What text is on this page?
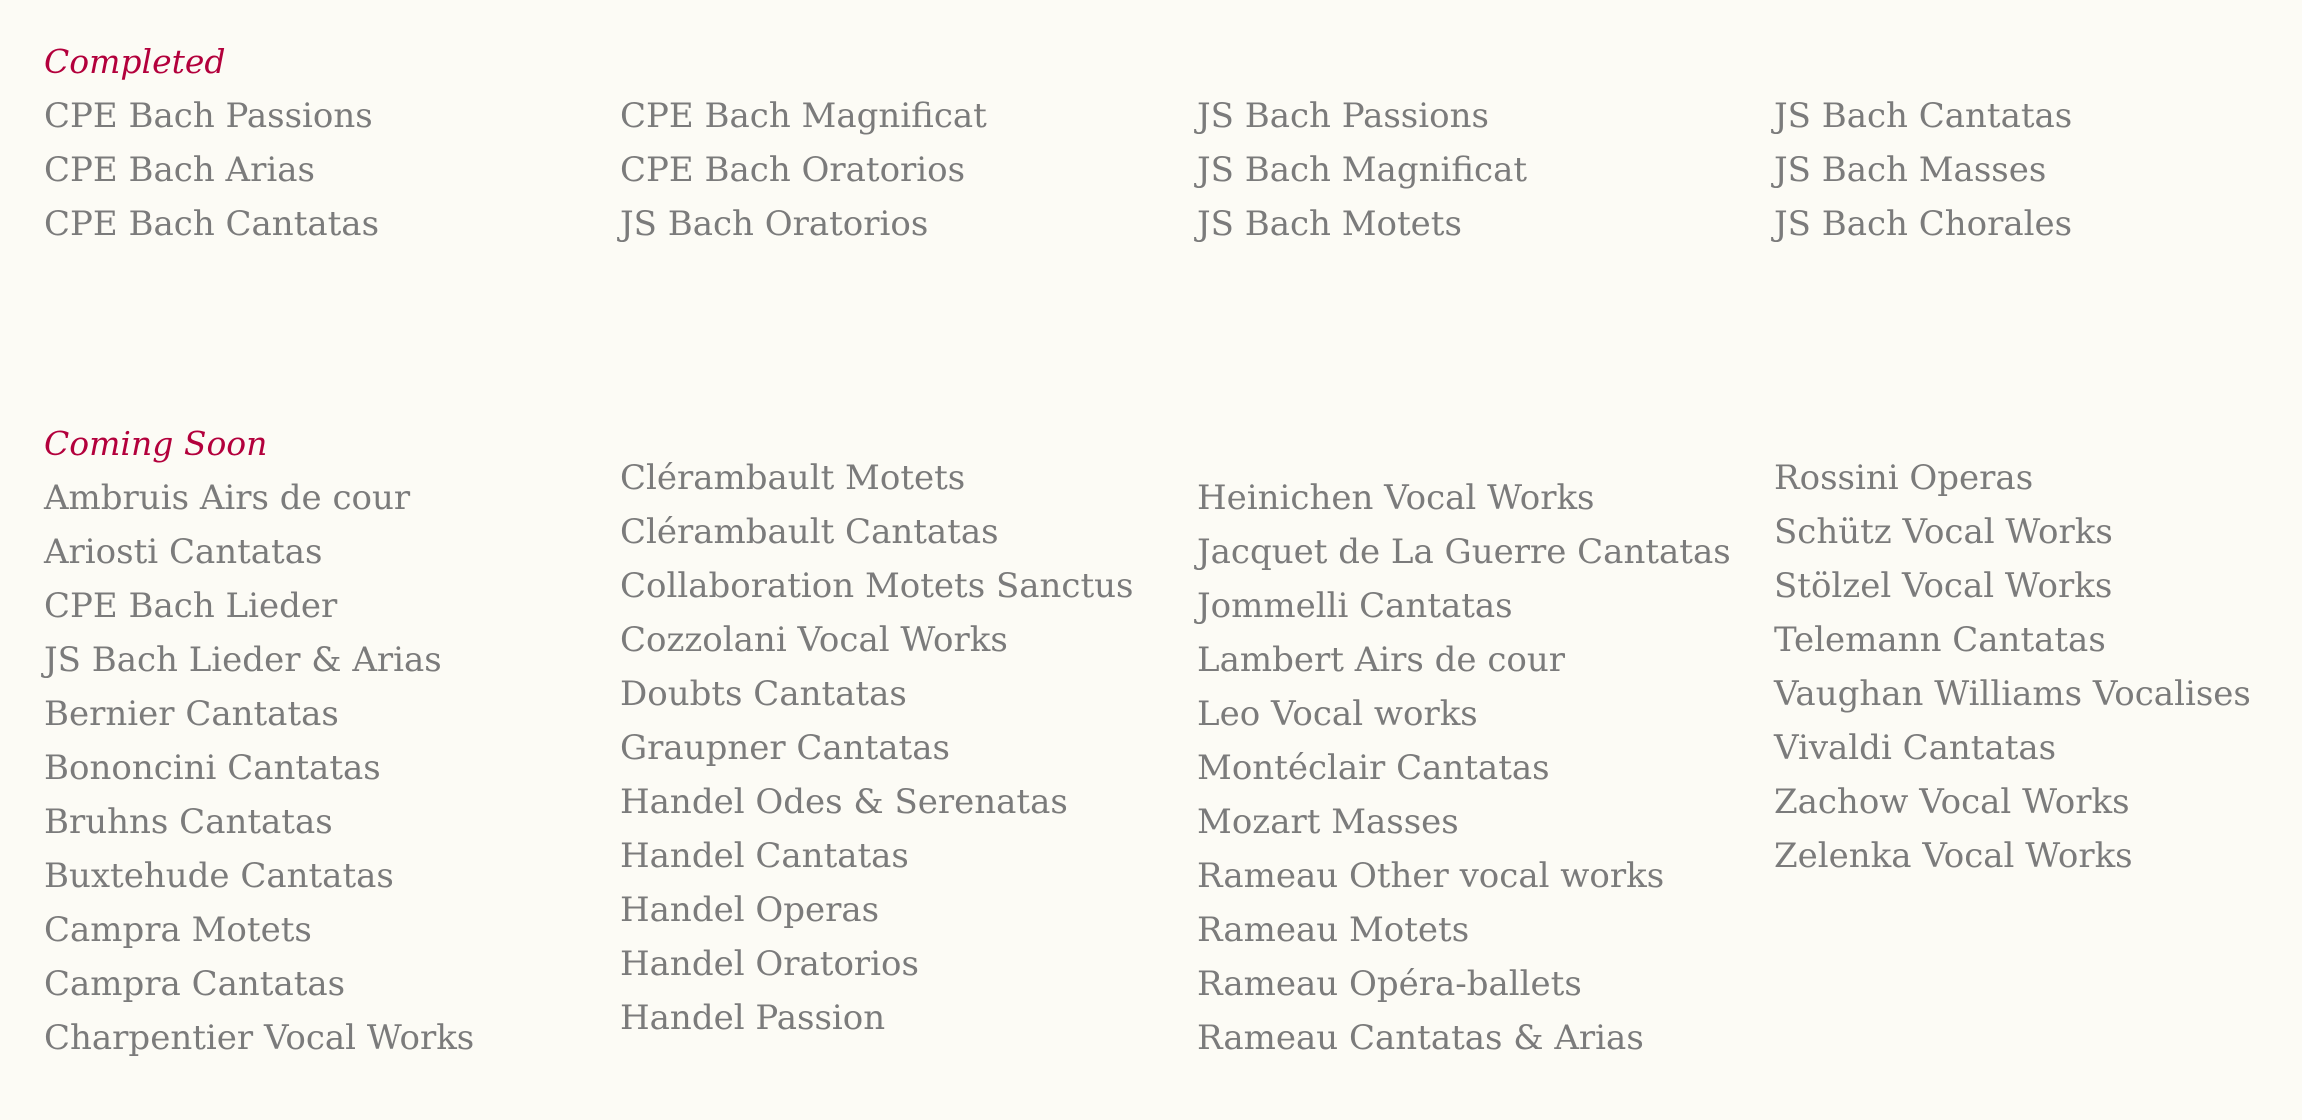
Completed
CPE Bach Passions
CPE Bach Arias
CPE Bach Cantatas
CPE Bach Magnificat
CPE Bach Oratorios
JS Bach Oratorios
JS Bach Passions
JS Bach Magnificat
JS Bach Motets
JS Bach Cantatas
JS Bach Masses
JS Bach Chorales
Coming Soon
Ambruis Airs de cour
Ariosti Cantatas
CPE Bach Lieder
JS Bach Lieder & Arias
Bernier Cantatas
Bononcini Cantatas
Bruhns Cantatas
Buxtehude Cantatas
Campra Motets
Campra Cantatas
Charpentier Vocal Works
Clérambault Motets
Clérambault Cantatas
Collaboration Motets Sanctus
Cozzolani Vocal Works
Doubts Cantatas
Graupner Cantatas
Handel Odes & Serenatas
Handel Cantatas
Handel Operas
Handel Oratorios
Handel Passion
Heinichen Vocal Works
Jacquet de La Guerre Cantatas
Jommelli Cantatas
Lambert Airs de cour
Leo Vocal works
Montéclair Cantatas
Mozart Masses
Rameau Other vocal works
Rameau Motets
Rameau Opéra-ballets
Rameau Cantatas & Arias
Rossini Operas
Schütz Vocal Works
Stölzel Vocal Works
Telemann Cantatas
Vaughan Williams Vocalises
Vivaldi Cantatas
Zachow Vocal Works
Zelenka Vocal Works
